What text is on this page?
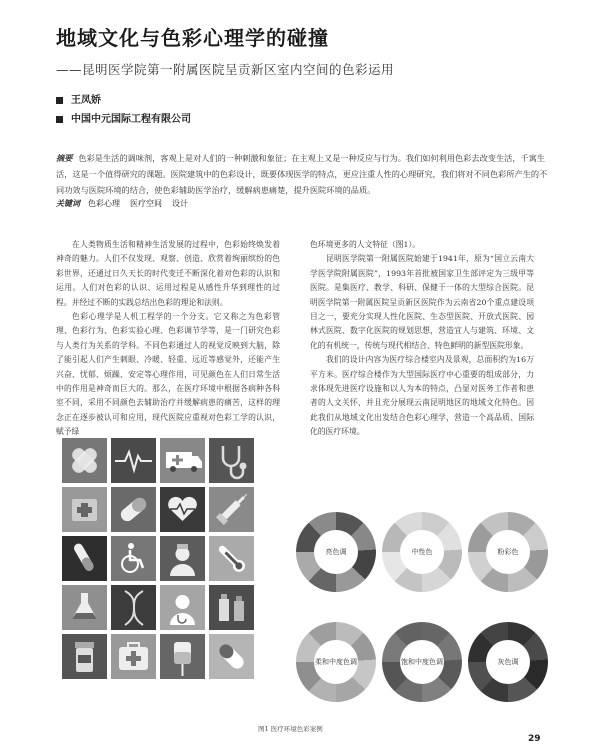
地域文化与色彩心理学的碰撞
——昆明医学院第一附属医院呈贡新区室内空间的色彩运用
王凤娇
中国中元国际工程有限公司
摘要 色彩是生活的调味剂，客观上是对人们的一种刺激和象征；在主观上又是一种反应与行为。我们如何利用色彩去改变生活，千寓生活，这是一个值得研究的课题。医院建筑中的色彩设计，既要体现医学的特点，更应注重人性的心理研究，我们将对不同色彩所产生的不同功效与医院环境的结合，使色彩辅助医学治疗，缓解病患痛楚，提升医院环境的品质。
关键词 色彩心理 医疗空间 设计

在人类物质生活和精神生活发展的过程中，色彩始终焕发着神奇的魅力。人们不仅发现、观察、创造、欣赏着绚丽缤纷的色彩世界，还通过日久天长的时代变迁不断深化着对色彩的认识和运用。人们对色彩的认识、运用过程是从感性升华到理性的过程。并经过不断的实践总结出色彩的理论和法则。

色彩心理学是人机工程学的一个分支。它又称之为色彩管理、色彩行为、色彩实验心理、色彩调节学等，是一门研究色彩与人类行为关系的学科。不同色彩通过人的视觉反映到大脑，除了能引起人们产生刺眼、冷暖、轻重、远近等感觉外，还能产生兴奋、忧郁、烦躁、安定等心理作用，可见颜色在人们日常生活中的作用是神奇而巨大的。那么，在医疗环境中根据各病种各科室不同，采用不同颜色去辅助治疗并缓解病患的痛苦，这样的理念正在逐步被认可和应用，现代医院应重视对色彩工学的认识，赋予绿

色环境更多的人文特征（图1）。

昆明医学院第一附属医院始建于1941年，原为“国立云南大学医学院附属医院”，1993年首批被国家卫生部评定为三级甲等医院。是集医疗、教学、科研、保健于一体的大型综合医院。昆明医学院第一附属医院呈贡新区医院作为云南省20个重点建设项目之一，要充分实现人性化医院、生态型医院、开放式医院、园林式医院、数字化医院的规划思想，营造宜人与建筑、环境、文化的有机统一，传统与现代相结合、特色鲜明的新型医院形象。

我们的设计内容为医疗综合楼室内及景观，总面积约为16万平方米。医疗综合楼作为大型国际医疗中心重要的组成部分，力求体现先进医疗设施和以人为本的特点，凸显对医务工作者和患者的人文关怀，并且充分展现云南昆明地区的地域文化特色。因此我们从地域文化出发结合色彩心理学，营造一个高品质、国际化的医疗环境。

亮色调	中性色	粉彩色
柔和中度色调	饱和中度色调	灰色调
图1 医疗环境色彩案例
29
